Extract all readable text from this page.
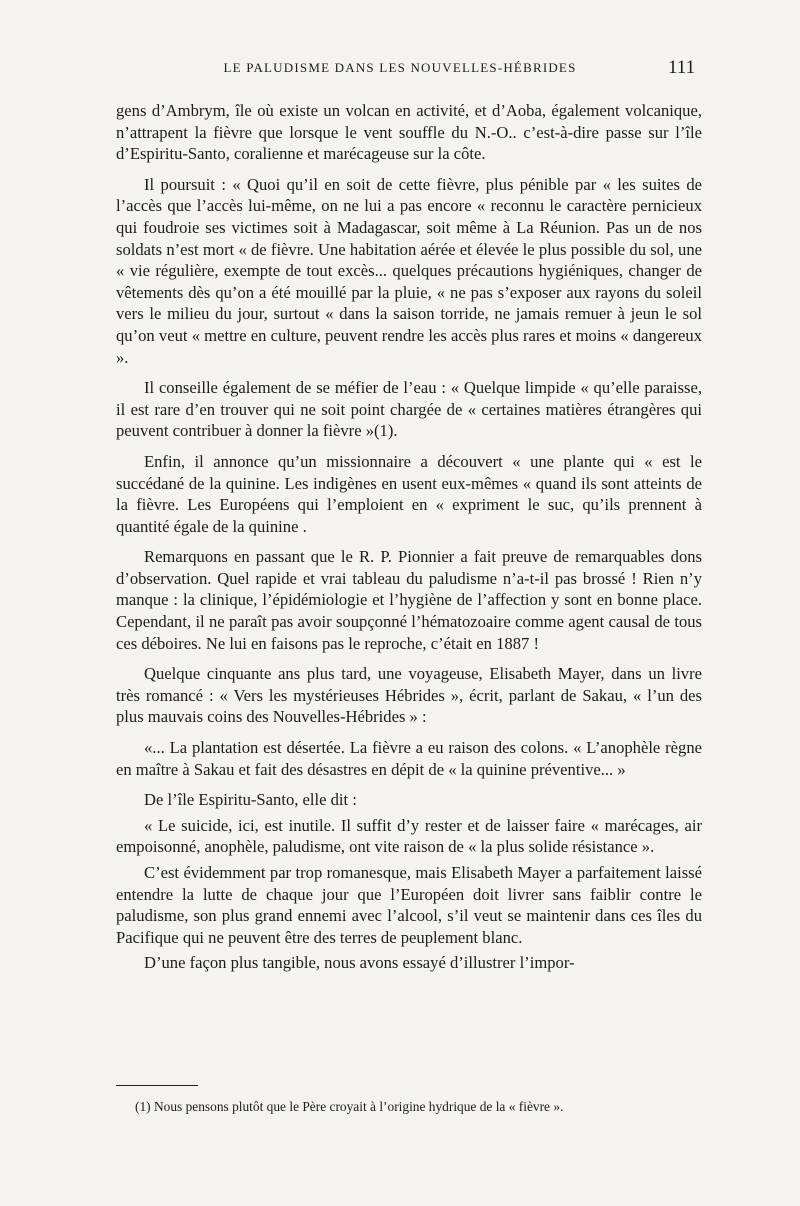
LE PALUDISME DANS LES NOUVELLES-HÉBRIDES	111

gens d’Ambrym, île où existe un volcan en activité, et d’Aoba, également volcanique, n’attrapent la fièvre que lorsque le vent souffle du N.-O.. c’est-à-dire passe sur l’île d’Espiritu-Santo, coralienne et marécageuse sur la côte.

Il poursuit : « Quoi qu’il en soit de cette fièvre, plus pénible par « les suites de l’accès que l’accès lui-même, on ne lui a pas encore « reconnu le caractère pernicieux qui foudroie ses victimes soit à Madagascar, soit même à La Réunion. Pas un de nos soldats n’est mort « de fièvre. Une habitation aérée et élevée le plus possible du sol, une « vie régulière, exempte de tout excès... quelques précautions hygiéniques, changer de vêtements dès qu’on a été mouillé par la pluie, « ne pas s’exposer aux rayons du soleil vers le milieu du jour, surtout « dans la saison torride, ne jamais remuer à jeun le sol qu’on veut « mettre en culture, peuvent rendre les accès plus rares et moins « dangereux ».

Il conseille également de se méfier de l’eau : « Quelque limpide « qu’elle paraisse, il est rare d’en trouver qui ne soit point chargée de « certaines matières étrangères qui peuvent contribuer à donner la fièvre »(1).

Enfin, il annonce qu’un missionnaire a découvert « une plante qui « est le succédané de la quinine. Les indigènes en usent eux-mêmes « quand ils sont atteints de la fièvre. Les Européens qui l’emploient en « expriment le suc, qu’ils prennent à quantité égale de la quinine .

Remarquons en passant que le R. P. Pionnier a fait preuve de remarquables dons d’observation. Quel rapide et vrai tableau du paludisme n’a-t-il pas brossé ! Rien n’y manque : la clinique, l’épidémiologie et l’hygiène de l’affection y sont en bonne place. Cependant, il ne paraît pas avoir soupçonné l’hématozoaire comme agent causal de tous ces déboires. Ne lui en faisons pas le reproche, c’était en 1887 !

Quelque cinquante ans plus tard, une voyageuse, Elisabeth Mayer, dans un livre très romancé : « Vers les mystérieuses Hébrides », écrit, parlant de Sakau, « l’un des plus mauvais coins des Nouvelles-Hébrides » :

«... La plantation est désertée. La fièvre a eu raison des colons. « L’anophèle règne en maître à Sakau et fait des désastres en dépit de « la quinine préventive... »

De l’île Espiritu-Santo, elle dit :

« Le suicide, ici, est inutile. Il suffit d’y rester et de laisser faire « marécages, air empoisonné, anophèle, paludisme, ont vite raison de « la plus solide résistance ».

C’est évidemment par trop romanesque, mais Elisabeth Mayer a parfaitement laissé entendre la lutte de chaque jour que l’Européen doit livrer sans faiblir contre le paludisme, son plus grand ennemi avec l’alcool, s’il veut se maintenir dans ces îles du Pacifique qui ne peuvent être des terres de peuplement blanc.

D’une façon plus tangible, nous avons essayé d’illustrer l’impor-

(1) Nous pensons plutôt que le Père croyait à l’origine hydrique de la « fièvre ».
